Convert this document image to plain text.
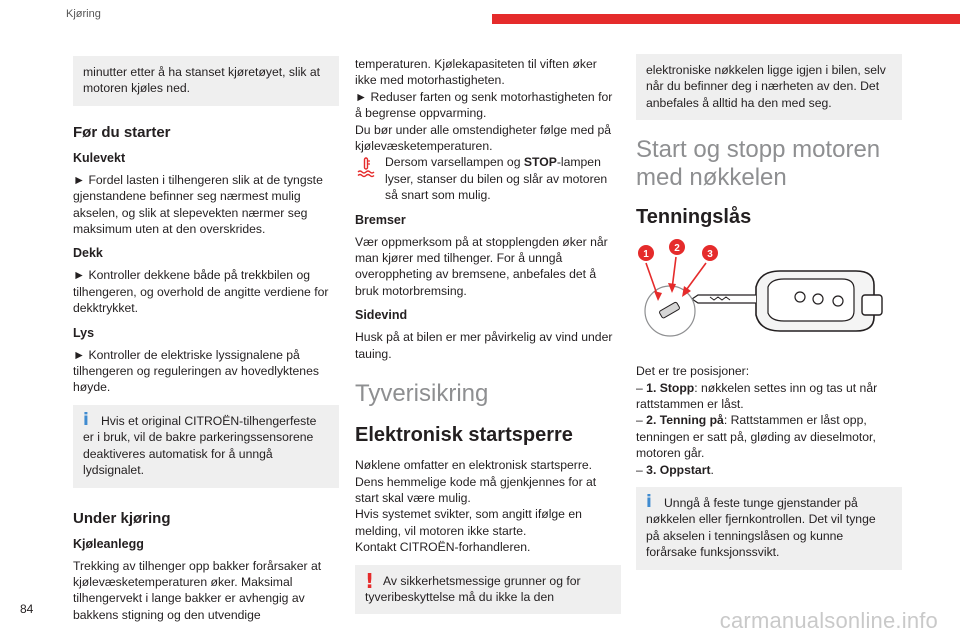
Kjøring

minutter etter å ha stanset kjøretøyet, slik at motoren kjøles ned.

Før du starter
Kulevekt

► Fordel lasten i tilhengeren slik at de tyngste gjenstandene befinner seg nærmest mulig akselen, og slik at slepevekten nærmer seg maksimum uten at den overskrides.

Dekk

► Kontroller dekkene både på trekkbilen og tilhengeren, og overhold de angitte verdiene for dekktrykket.

Lys

► Kontroller de elektriske lyssignalene på tilhengeren og reguleringen av hovedlyktenes høyde.

i Hvis et original CITROËN-tilhengerfeste er i bruk, vil de bakre parkeringssensorene deaktiveres automatisk for å unngå lydsignalet.

Under kjøring
Kjøleanlegg

Trekking av tilhenger opp bakker forårsaker at kjølevæsketemperaturen øker. Maksimal tilhengervekt i lange bakker er avhengig av bakkens stigning og den utvendige

temperaturen. Kjølekapasiteten til viften øker ikke med motorhastigheten.

► Reduser farten og senk motorhastigheten for å begrense oppvarming.

Du bør under alle omstendigheter følge med på kjølevæsketemperaturen.

Dersom varsellampen og STOP-lampen lyser, stanser du bilen og slår av motoren så snart som mulig.

Bremser

Vær oppmerksom på at stopplengden øker når man kjører med tilhenger. For å unngå overoppheting av bremsene, anbefales det å bruk motorbremsing.

Sidevind

Husk på at bilen er mer påvirkelig av vind under tauing.

Tyverisikring
Elektronisk startsperre

Nøklene omfatter en elektronisk startsperre. Dens hemmelige kode må gjenkjennes for at start skal være mulig.

Hvis systemet svikter, som angitt ifølge en melding, vil motoren ikke starte.

Kontakt CITROËN-forhandleren.

! Av sikkerhetsmessige grunner og for tyveribeskyttelse må du ikke la den

elektroniske nøkkelen ligge igjen i bilen, selv når du befinner deg i nærheten av den. Det anbefales å alltid ha den med seg.

Start og stopp motoren med nøkkelen
Tenningslås
1
2
3

Det er tre posisjoner:

– 1. Stopp: nøkkelen settes inn og tas ut når rattstammen er låst.

– 2. Tenning på: Rattstammen er låst opp, tenningen er satt på, gløding av dieselmotor, motoren går.

– 3. Oppstart.

i Unngå å feste tunge gjenstander på nøkkelen eller fjernkontrollen. Det vil tynge på akselen i tenningslåsen og kunne forårsake funksjonssvikt.

84	carmanualsonline.info
